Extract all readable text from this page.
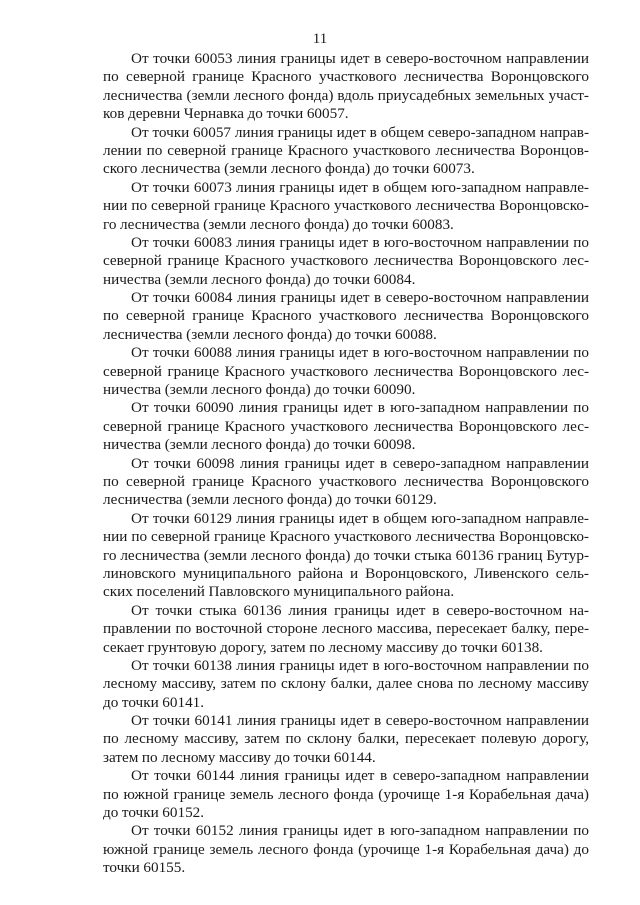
11
От точки 60053 линия границы идет в северо-восточном направлении
по северной границе Красного участкового лесничества Воронцовского
лесничества (земли лесного фонда) вдоль приусадебных земельных участ-
ков деревни Чернавка до точки 60057.
От точки 60057 линия границы идет в общем северо-западном направ-
лении по северной границе Красного участкового лесничества Воронцов-
ского лесничества (земли лесного фонда) до точки 60073.
От точки 60073 линия границы идет в общем юго-западном направле-
нии по северной границе Красного участкового лесничества Воронцовско-
го лесничества (земли лесного фонда) до точки 60083.
От точки 60083 линия границы идет в юго-восточном направлении по
северной границе Красного участкового лесничества Воронцовского лес-
ничества (земли лесного фонда) до точки 60084.
От точки 60084 линия границы идет в северо-восточном направлении
по северной границе Красного участкового лесничества Воронцовского
лесничества (земли лесного фонда) до точки 60088.
От точки 60088 линия границы идет в юго-восточном направлении по
северной границе Красного участкового лесничества Воронцовского лес-
ничества (земли лесного фонда) до точки 60090.
От точки 60090 линия границы идет в юго-западном направлении по
северной границе Красного участкового лесничества Воронцовского лес-
ничества (земли лесного фонда) до точки 60098.
От точки 60098 линия границы идет в северо-западном направлении
по северной границе Красного участкового лесничества Воронцовского
лесничества (земли лесного фонда) до точки 60129.
От точки 60129 линия границы идет в общем юго-западном направле-
нии по северной границе Красного участкового лесничества Воронцовско-
го лесничества (земли лесного фонда) до точки стыка 60136 границ Бутур-
линовского муниципального района и Воронцовского, Ливенского сель-
ских поселений Павловского муниципального района.
От точки стыка 60136 линия границы идет в северо-восточном на-
правлении по восточной стороне лесного массива, пересекает балку, пере-
секает грунтовую дорогу, затем по лесному массиву до точки 60138.
От точки 60138 линия границы идет в юго-восточном направлении по
лесному массиву, затем по склону балки, далее снова по лесному массиву
до точки 60141.
От точки 60141 линия границы идет в северо-восточном направлении
по лесному массиву, затем по склону балки, пересекает полевую дорогу,
затем по лесному массиву до точки 60144.
От точки 60144 линия границы идет в северо-западном направлении
по южной границе земель лесного фонда (урочище 1-я Корабельная дача)
до точки 60152.
От точки 60152 линия границы идет в юго-западном направлении по
южной границе земель лесного фонда (урочище 1-я Корабельная дача) до
точки 60155.
